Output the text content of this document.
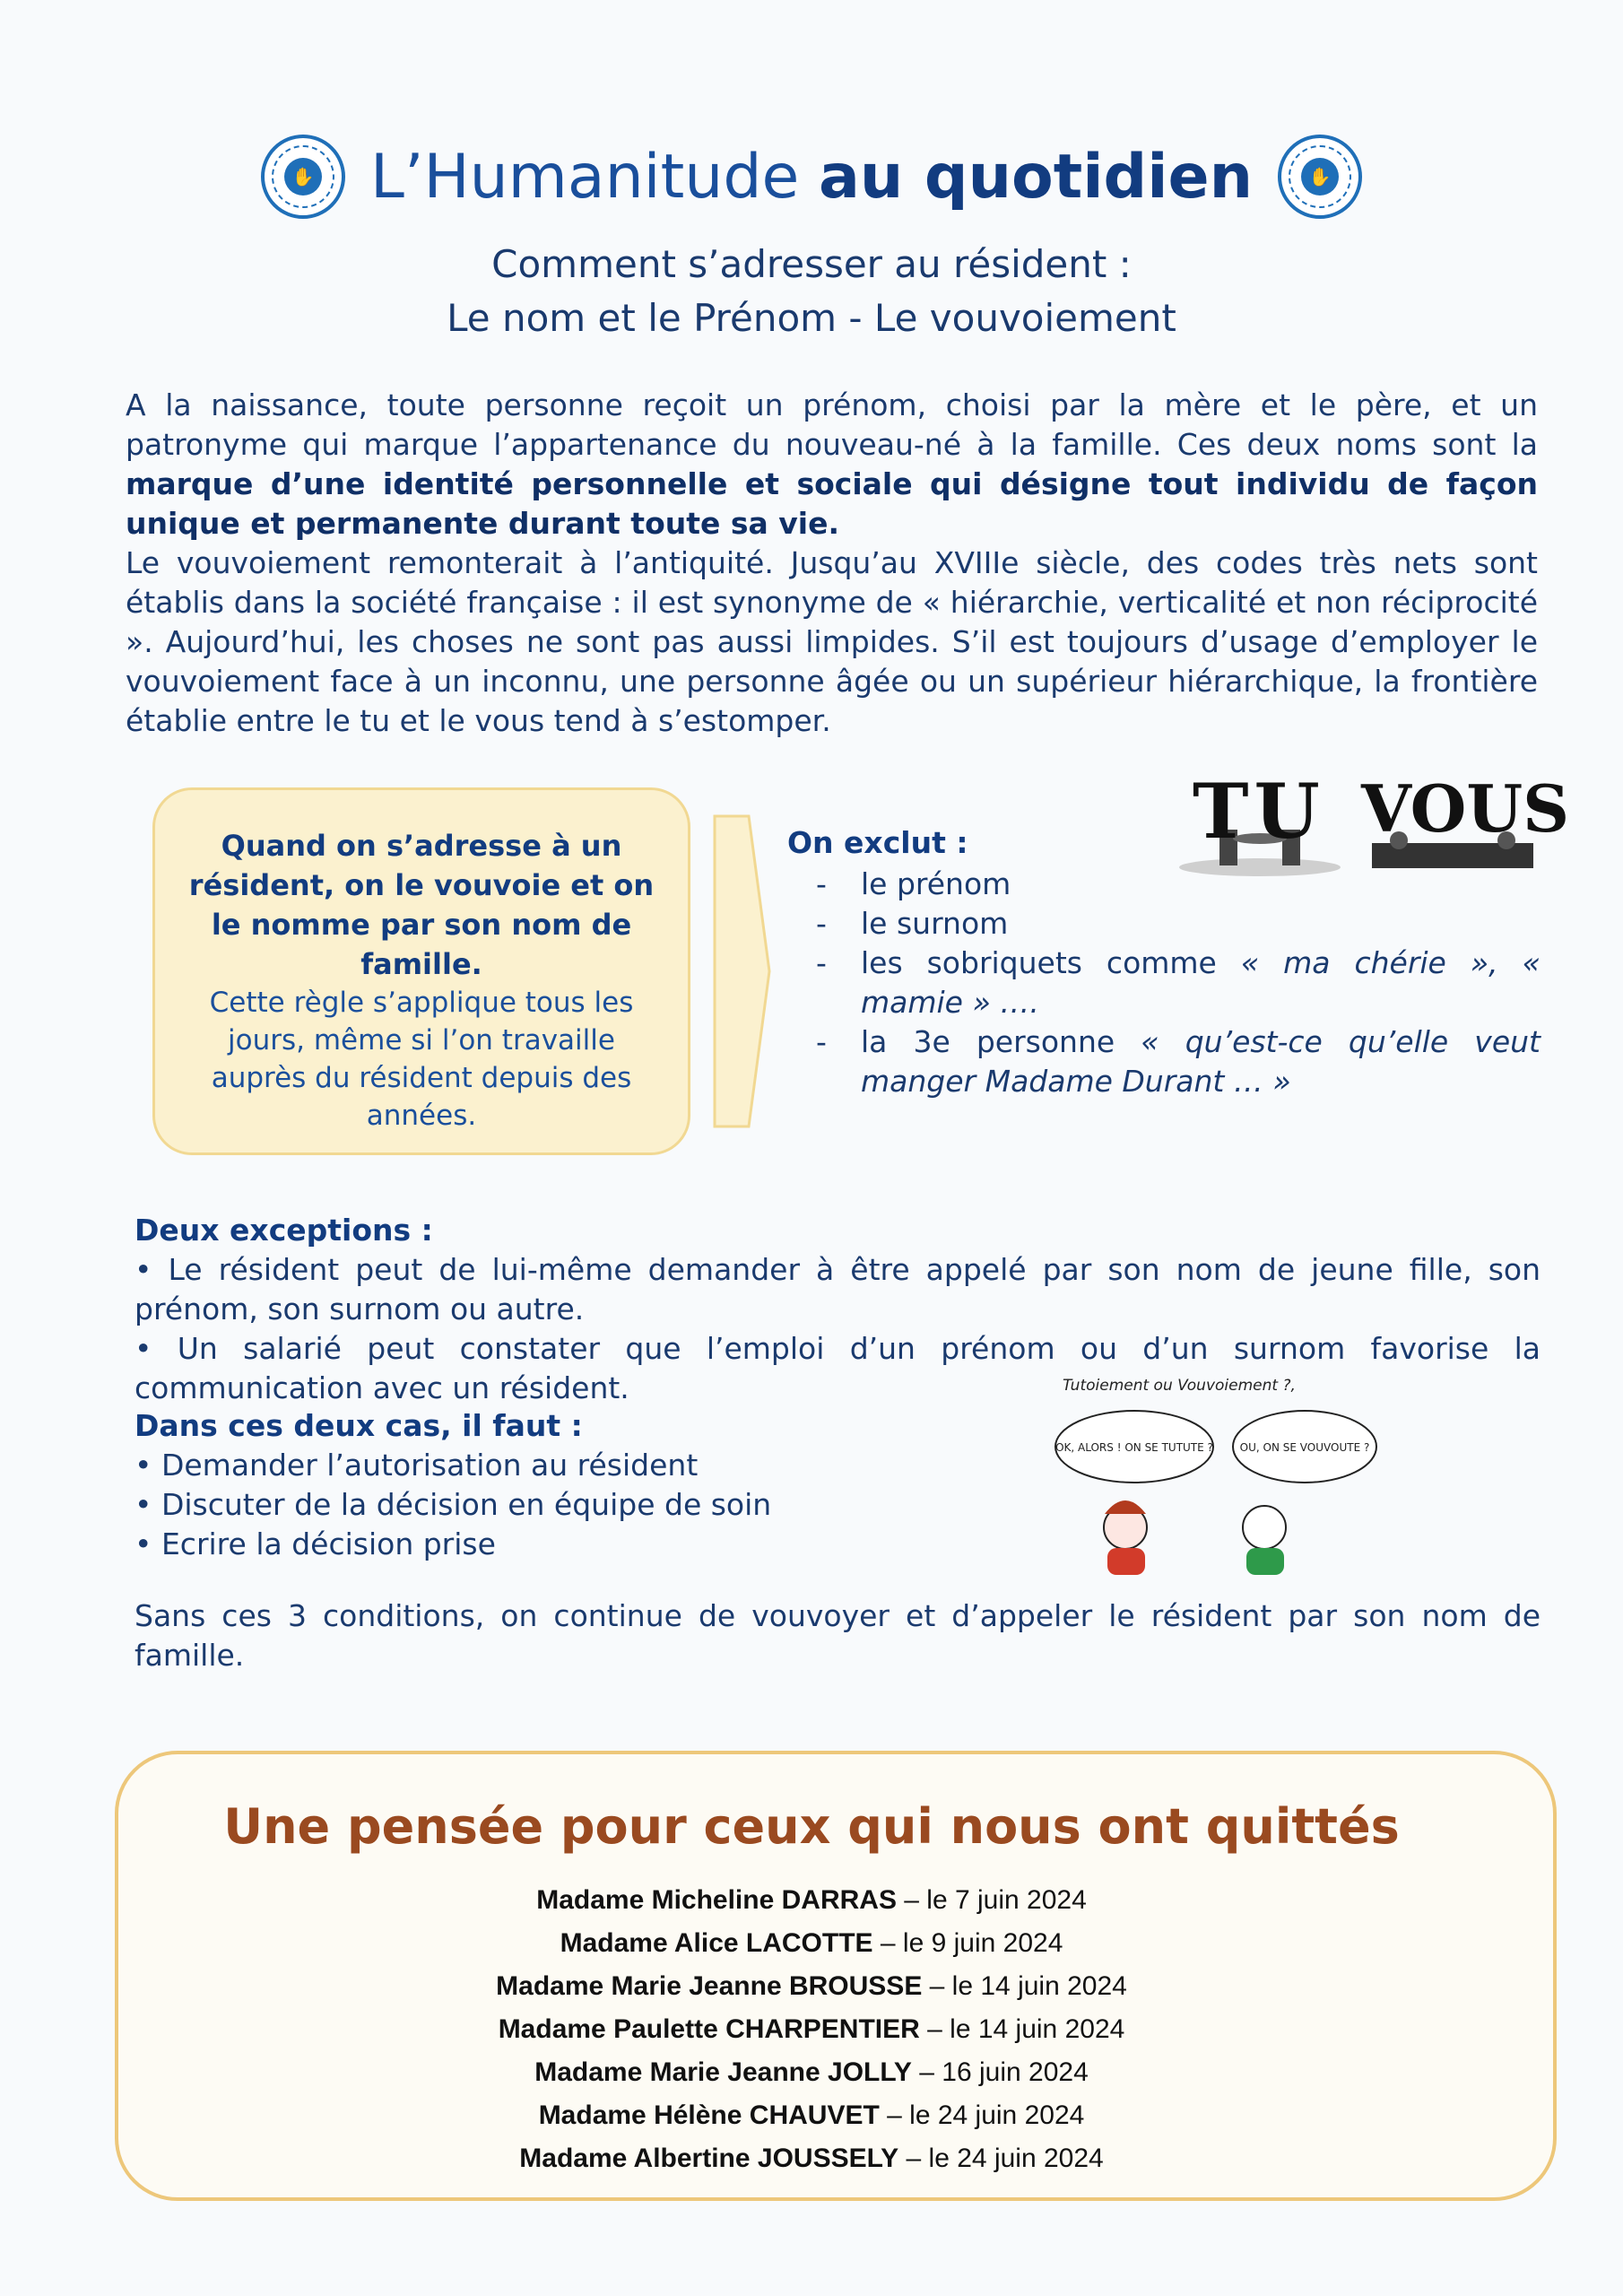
✋ L’Humanitude au quotidien	✋
Comment s’adresser au résident :
Le nom et le Prénom - Le vouvoiement

A la naissance, toute personne reçoit un prénom, choisi par la mère et le père, et un patronyme qui marque l’appartenance du nouveau-né à la famille. Ces deux noms sont la marque d’une identité personnelle et sociale qui désigne tout individu de façon unique et permanente durant toute sa vie.

Le vouvoiement remonterait à l’antiquité. Jusqu’au XVIIIe siècle, des codes très nets sont établis dans la société française : il est synonyme de « hiérarchie, verticalité et non réciprocité ». Aujourd’hui, les choses ne sont pas aussi limpides. S’il est toujours d’usage d’employer le vouvoiement face à un inconnu, une personne âgée ou un supérieur hiérarchique, la frontière établie entre le tu et le vous tend à s’estomper.

Quand on s’adresse à un résident, on le vouvoie et on le nomme par son nom de famille.
Cette règle s’applique tous les jours, même si l’on travaille auprès du résident depuis des années.
On exclut :
- le prénom
- le surnom
- les sobriquets comme « ma chérie », « mamie » ….
- la 3e personne « qu’est-ce qu’elle veut manger Madame Durant … »
TU VOUS
Deux exceptions :
• Le résident peut de lui-même demander à être appelé par son nom de jeune fille, son prénom, son surnom ou autre.
• Un salarié peut constater que l’emploi d’un prénom ou d’un surnom favorise la communication avec un résident.
Dans ces deux cas, il faut :
• Demander l’autorisation au résident
• Discuter de la décision en équipe de soin
• Ecrire la décision prise
Tutoiement ou Vouvoiement ?,
OK, ALORS ! ON SE TUTUTE ? OU, ON SE VOUVOUTE ?
Sans ces 3 conditions, on continue de vouvoyer et d’appeler le résident par son nom de famille.
Une pensée pour ceux qui nous ont quittés
Madame Micheline DARRAS – le 7 juin 2024
Madame Alice LACOTTE – le 9 juin 2024
Madame Marie Jeanne BROUSSE – le 14 juin 2024
Madame Paulette CHARPENTIER – le 14 juin 2024
Madame Marie Jeanne JOLLY – 16 juin 2024
Madame Hélène CHAUVET – le 24 juin 2024
Madame Albertine JOUSSELY – le 24 juin 2024
